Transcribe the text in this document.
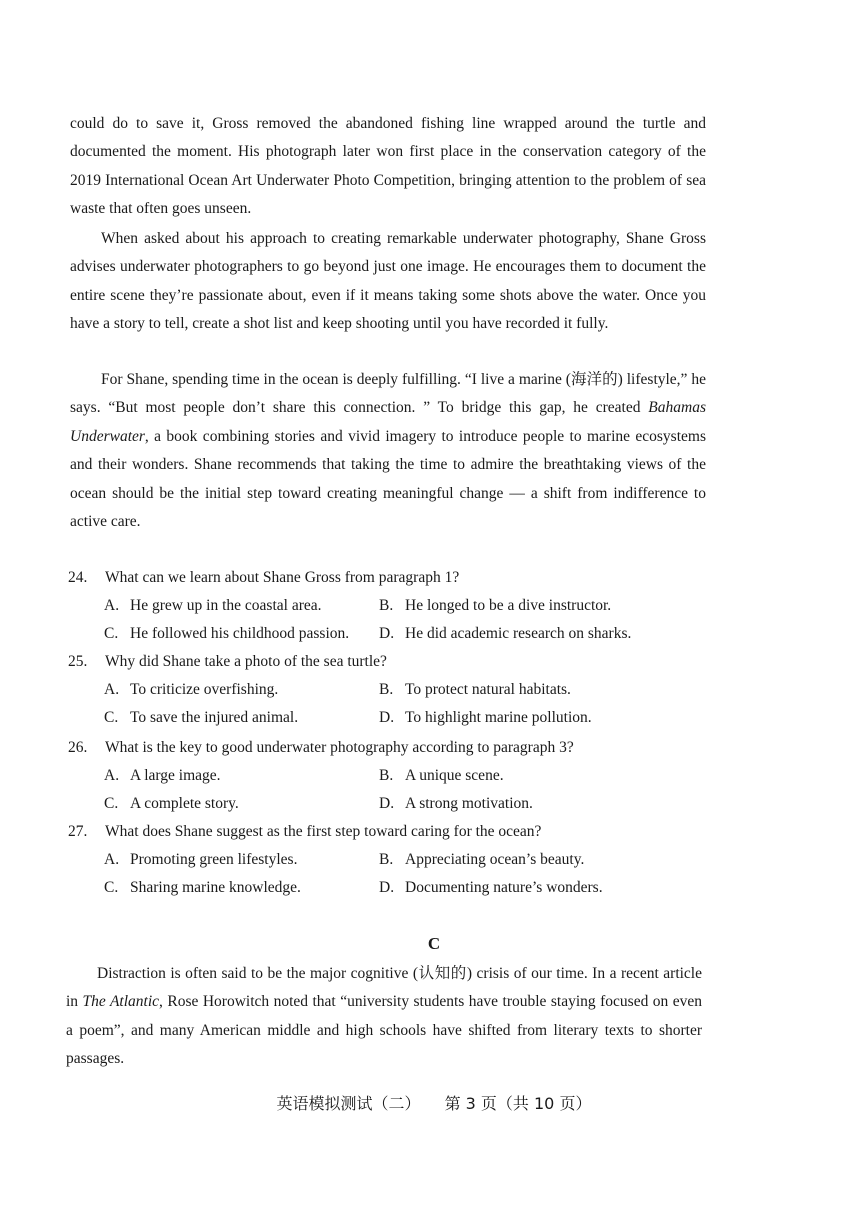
could do to save it, Gross removed the abandoned fishing line wrapped around the turtle and documented the moment. His photograph later won first place in the conservation category of the 2019 International Ocean Art Underwater Photo Competition, bringing attention to the problem of sea waste that often goes unseen.

When asked about his approach to creating remarkable underwater photography, Shane Gross advises underwater photographers to go beyond just one image. He encourages them to document the entire scene they’re passionate about, even if it means taking some shots above the water. Once you have a story to tell, create a shot list and keep shooting until you have recorded it fully.

For Shane, spending time in the ocean is deeply fulfilling. “I live a marine (海洋的) lifestyle,” he says. “But most people don’t share this connection. ” To bridge this gap, he created Bahamas Underwater, a book combining stories and vivid imagery to introduce people to marine ecosystems and their wonders. Shane recommends that taking the time to admire the breathtaking views of the ocean should be the initial step toward creating meaningful change — a shift from indifference to active care.

24. What can we learn about Shane Gross from paragraph 1?

A. He grew up in the coastal area.	B. He longed to be a dive instructor.
C. He followed his childhood passion.	D. He did academic research on sharks.

25. Why did Shane take a photo of the sea turtle?

A. To criticize overfishing.	B. To protect natural habitats.
C. To save the injured animal.	D. To highlight marine pollution.

26. What is the key to good underwater photography according to paragraph 3?

A. A large image.	B. A unique scene.
C. A complete story.	D. A strong motivation.

27. What does Shane suggest as the first step toward caring for the ocean?

A. Promoting green lifestyles.	B. Appreciating ocean’s beauty.
C. Sharing marine knowledge.	D. Documenting nature’s wonders.
C

Distraction is often said to be the major cognitive (认知的) crisis of our time. In a recent article in The Atlantic, Rose Horowitch noted that “university students have trouble staying focused on even a poem”, and many American middle and high schools have shifted from literary texts to shorter passages.

英语模拟测试（二） 第 3 页（共 10 页）
